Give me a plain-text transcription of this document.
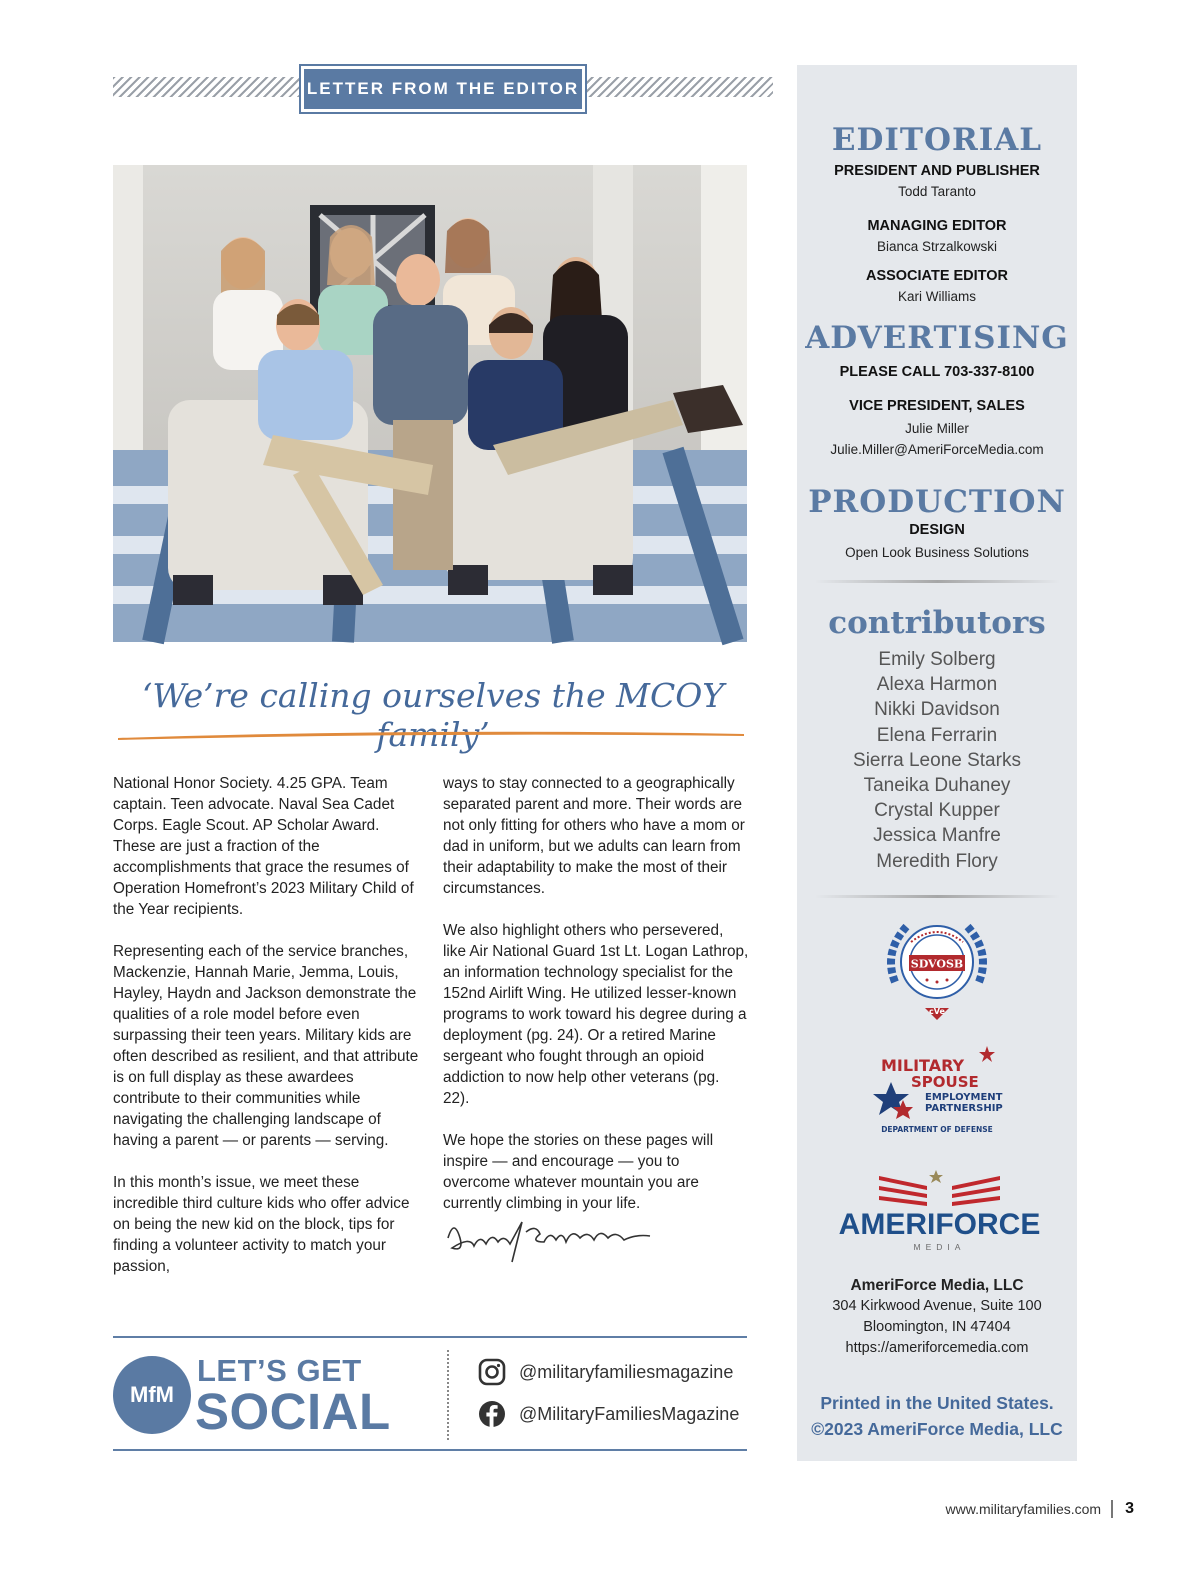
LETTER FROM THE EDITOR
‘We’re calling ourselves the MCOY family’

National Honor Society. 4.25 GPA. Team captain. Teen advocate. Naval Sea Cadet Corps. Eagle Scout. AP Scholar Award. These are just a fraction of the accomplishments that grace the resumes of Operation Homefront’s 2023 Military Child of the Year recipients.

Representing each of the service branches, Mackenzie, Hannah Marie, Jemma, Louis, Hayley, Haydn and Jackson demonstrate the qualities of a role model before even surpassing their teen years. Military kids are often described as resilient, and that attribute is on full display as these awardees contribute to their communities while navigating the challenging landscape of having a parent — or parents — serving.

In this month’s issue, we meet these incredible third culture kids who offer advice on being the new kid on the block, tips for finding a volunteer activity to match your passion,

ways to stay connected to a geographically separated parent and more. Their words are not only fitting for others who have a mom or dad in uniform, but we adults can learn from their adaptability to make the most of their circumstances.

We also highlight others who persevered, like Air National Guard 1st Lt. Logan Lathrop, an information technology specialist for the 152nd Airlift Wing. He utilized lesser-known programs to work toward his degree during a deployment (pg. 24). Or a retired Marine sergeant who fought through an opioid addiction to now help other veterans (pg. 22).

We hope the stories on these pages will inspire — and encourage — you to overcome whatever mountain you are currently climbing in your life.

MfM
LET’S GET
SOCIAL
@militaryfamiliesmagazine
@MilitaryFamiliesMagazine
EDITORIAL
PRESIDENT AND PUBLISHER
Todd Taranto
MANAGING EDITOR
Bianca Strzalkowski
ASSOCIATE EDITOR
Kari Williams
ADVERTISING
PLEASE CALL 703-337-8100
VICE PRESIDENT, SALES
Julie Miller
Julie.Miller@AmeriForceMedia.com
PRODUCTION
DESIGN
Open Look Business Solutions
contributors
Emily Solberg
Alexa Harmon
Nikki Davidson
Elena Ferrarin
Sierra Leone Starks
Taneika Duhaney
Crystal Kupper
Jessica Manfre
Meredith Flory
SDVOSB
cVe
MILITARY
SPOUSE
EMPLOYMENT
PARTNERSHIP
DEPARTMENT OF DEFENSE
AMERIFORCE
MEDIA
AmeriForce Media, LLC
304 Kirkwood Avenue, Suite 100
Bloomington, IN 47404
https://ameriforcemedia.com
Printed in the United States.
©2023 AmeriForce Media, LLC
www.militaryfamilies.com 3
